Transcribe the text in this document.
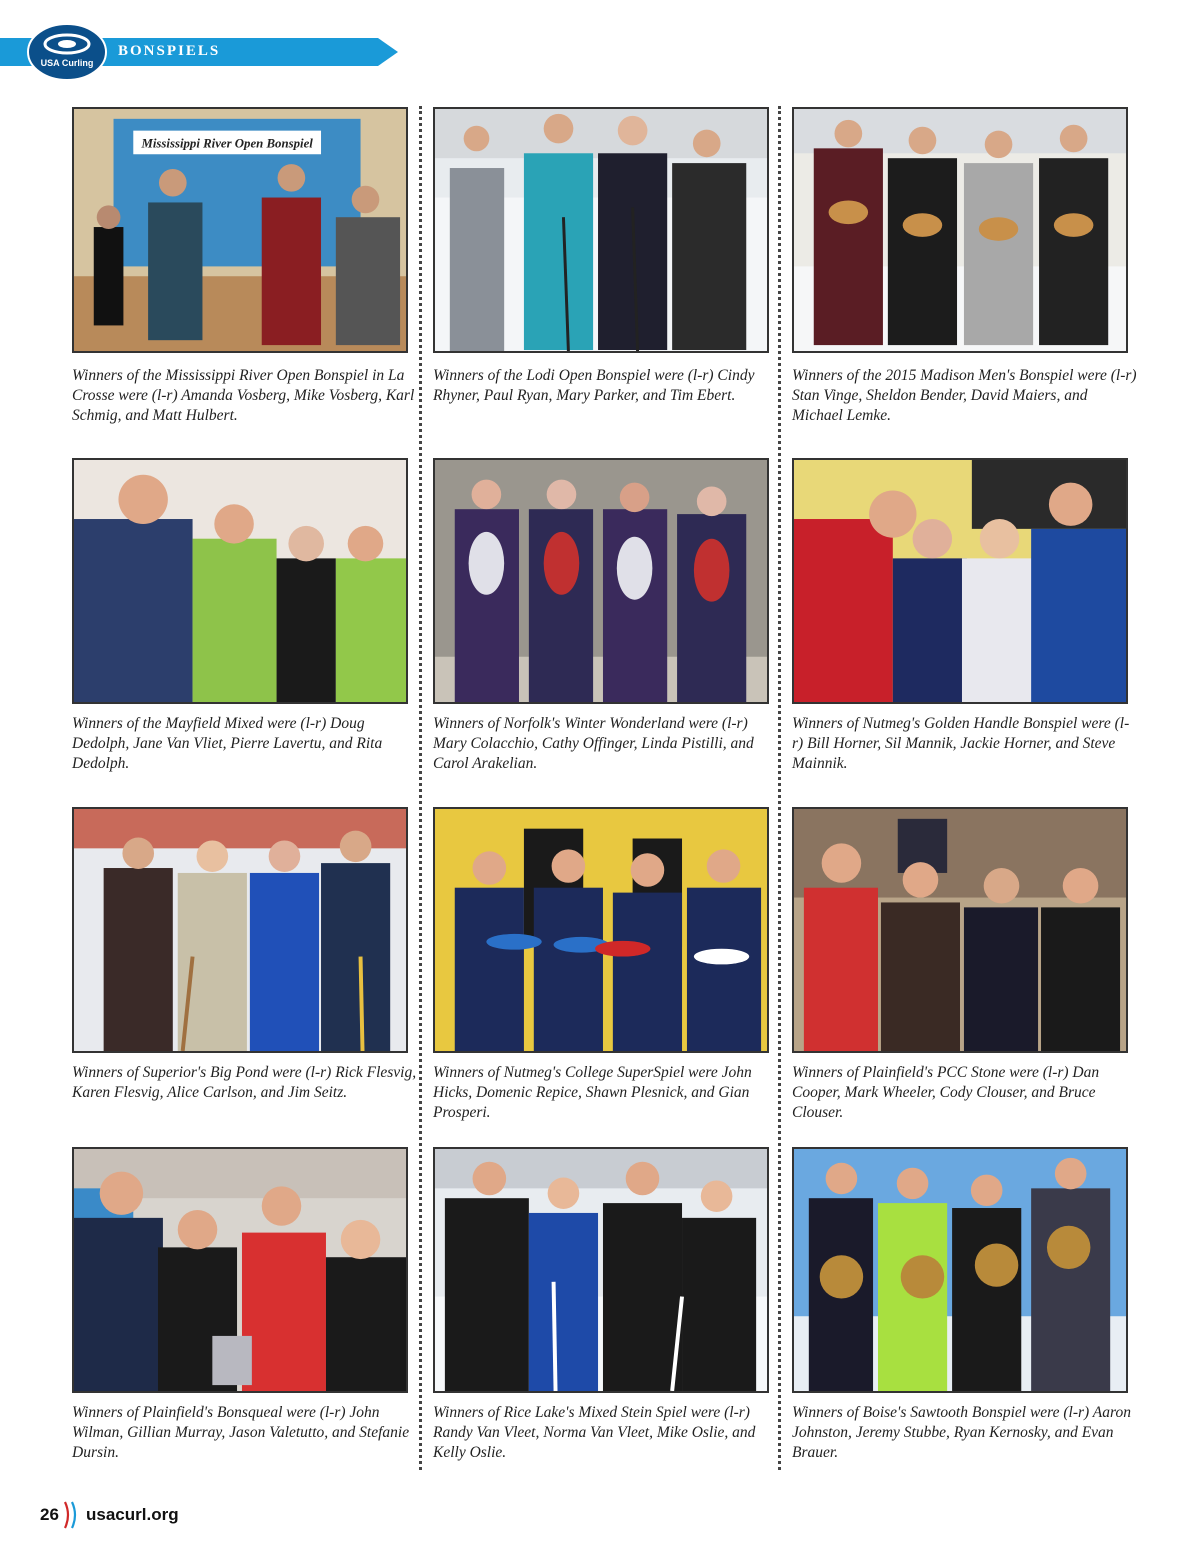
BONSPIELS
USA Curling
Mississippi River Open Bonspiel
Winners of the Mississippi River Open Bonspiel in La Crosse were (l-r) Amanda Vosberg, Mike Vosberg, Karl Schmig, and Matt Hulbert.
Winners of the Lodi Open Bonspiel were (l-r) Cindy Rhyner, Paul Ryan, Mary Parker, and Tim Ebert.
Winners of the 2015 Madison Men's Bonspiel were (l-r) Stan Vinge, Sheldon Bender, David Maiers, and Michael Lemke.
Winners of the Mayfield Mixed were (l-r) Doug Dedolph, Jane Van Vliet, Pierre Lavertu, and Rita Dedolph.
Winners of Norfolk's Winter Wonderland were (l-r) Mary Colacchio, Cathy Offinger, Linda Pistilli, and Carol Arakelian.
Winners of Nutmeg's Golden Handle Bonspiel were (l-r) Bill Horner, Sil Mannik, Jackie Horner, and Steve Mainnik.
Winners of Superior's Big Pond were (l-r) Rick Flesvig, Karen Flesvig, Alice Carlson, and Jim Seitz.
Winners of Nutmeg's College SuperSpiel were John Hicks, Domenic Repice, Shawn Plesnick, and Gian Prosperi.
Winners of Plainfield's PCC Stone were (l-r) Dan Cooper, Mark Wheeler, Cody Clouser, and Bruce Clouser.
Winners of Plainfield's Bonsqueal were (l-r) John Wilman, Gillian Murray, Jason Valetutto, and Stefanie Dursin.
Winners of Rice Lake's Mixed Stein Spiel were (l-r) Randy Van Vleet, Norma Van Vleet, Mike Oslie, and Kelly Oslie.
Winners of Boise's Sawtooth Bonspiel were (l-r) Aaron Johnston, Jeremy Stubbe, Ryan Kernosky, and Evan Brauer.
26 usacurl.org
